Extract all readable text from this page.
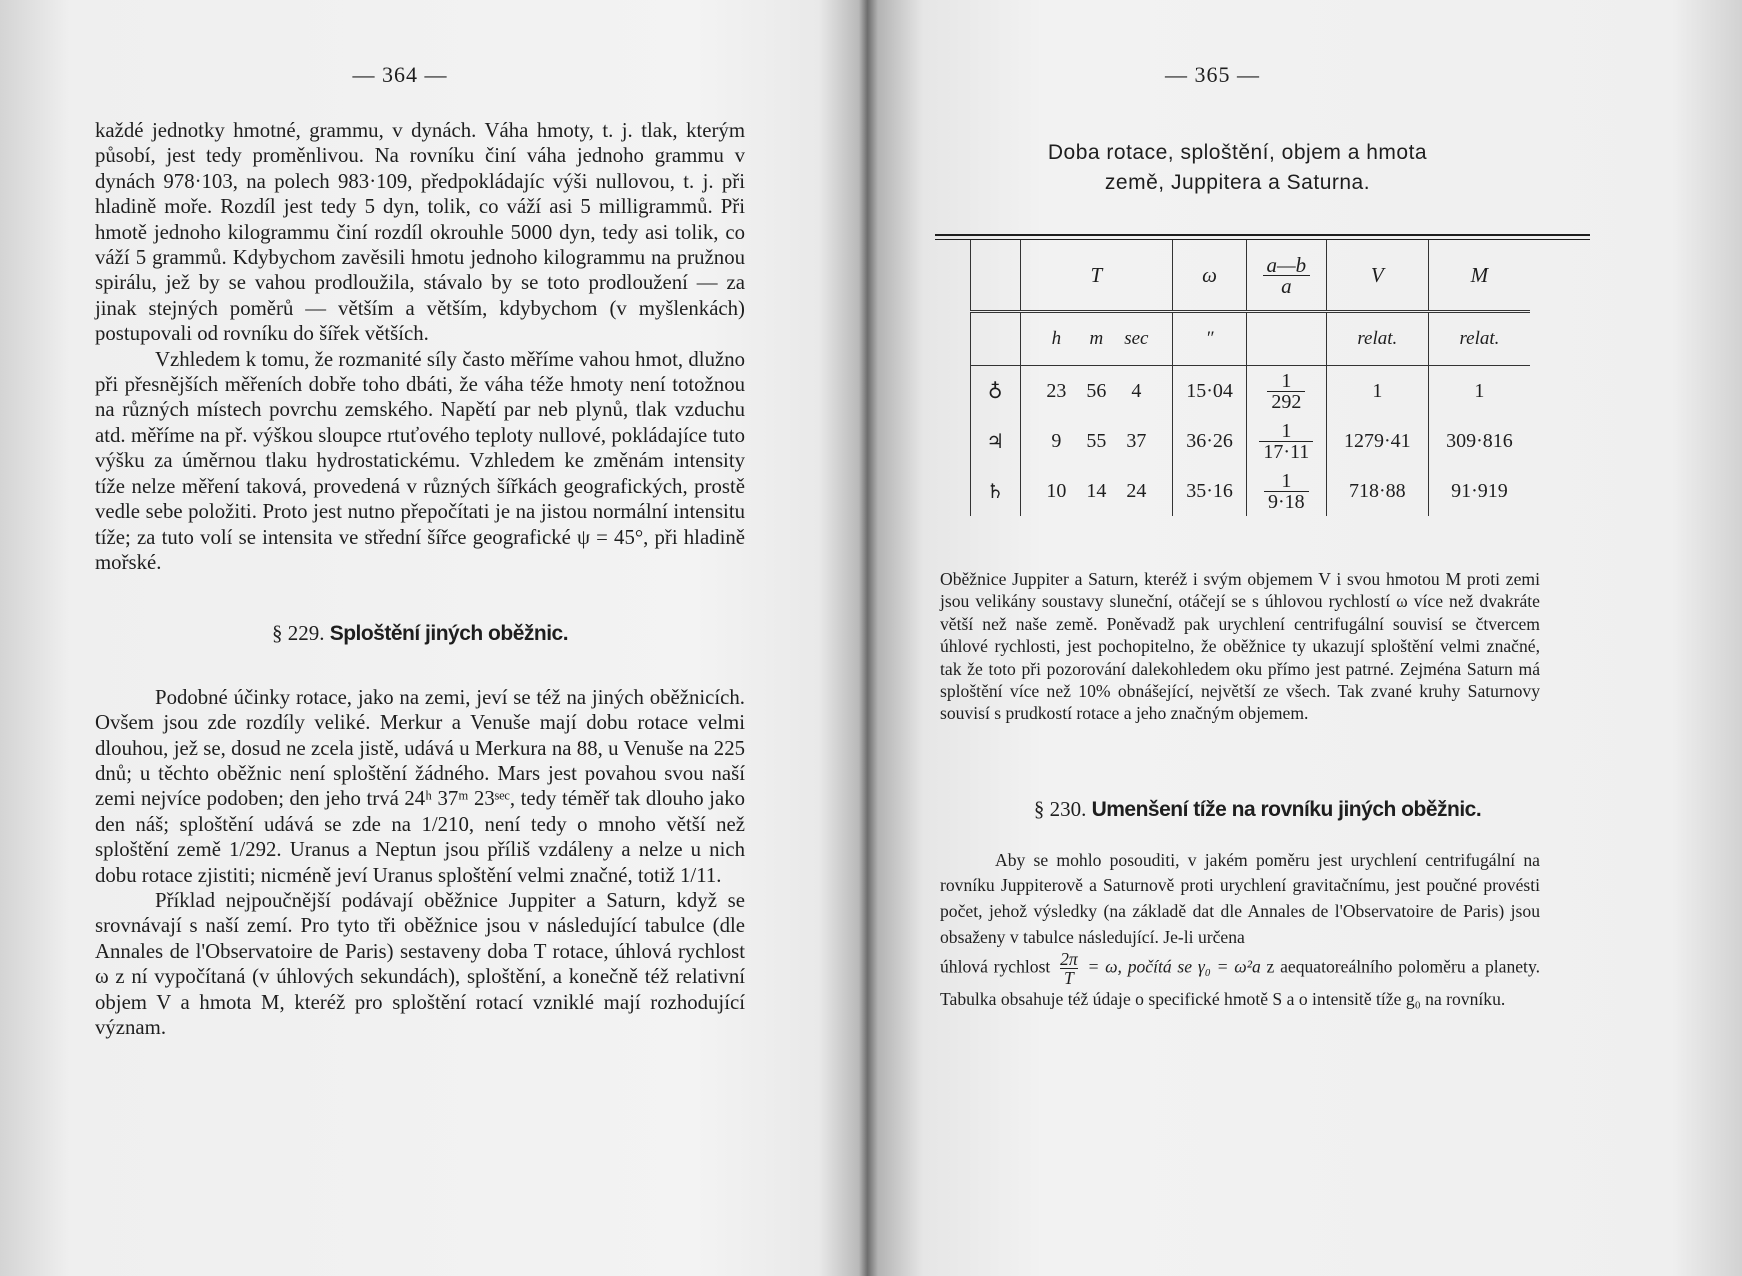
— 364 —

každé jednotky hmotné, grammu, v dynách. Váha hmoty, t. j. tlak, kterým působí, jest tedy proměnlivou. Na rovníku činí váha jednoho grammu v dynách 978·103, na polech 983·109, předpokládajíc výši nullovou, t. j. při hladině moře. Rozdíl jest tedy 5 dyn, tolik, co váží asi 5 milligrammů. Při hmotě jednoho kilogrammu činí rozdíl okrouhle 5000 dyn, tedy asi tolik, co váží 5 grammů. Kdybychom zavěsili hmotu jednoho kilogrammu na pružnou spirálu, jež by se vahou prodloužila, stávalo by se toto prodloužení — za jinak stejných poměrů — větším a větším, kdybychom (v myšlenkách) postupovali od rovníku do šířek větších.

Vzhledem k tomu, že rozmanité síly často měříme vahou hmot, dlužno při přesnějších měřeních dobře toho dbáti, že váha téže hmoty není totožnou na různých místech povrchu zemského. Napětí par neb plynů, tlak vzduchu atd. měříme na př. výškou sloupce rtuťového teploty nullové, pokládajíce tuto výšku za úměrnou tlaku hydrostatickému. Vzhledem ke změnám intensity tíže nelze měření taková, provedená v různých šířkách geografických, prostě vedle sebe položiti. Proto jest nutno přepočítati je na jistou normální intensitu tíže; za tuto volí se intensita ve střední šířce geografické ψ = 45°, při hladině mořské.

§ 229. Sploštění jiných oběžnic.

Podobné účinky rotace, jako na zemi, jeví se též na jiných oběžnicích. Ovšem jsou zde rozdíly veliké. Merkur a Venuše mají dobu rotace velmi dlouhou, jež se, dosud ne zcela jistě, udává u Merkura na 88, u Venuše na 225 dnů; u těchto oběžnic není sploštění žádného. Mars jest povahou svou naší zemi nejvíce podoben; den jeho trvá 24ʰ 37ᵐ 23ˢᵉᶜ, tedy téměř tak dlouho jako den náš; sploštění udává se zde na 1/210, není tedy o mnoho větší než sploštění země 1/292. Uranus a Neptun jsou příliš vzdáleny a nelze u nich dobu rotace zjistiti; nicméně jeví Uranus sploštění velmi značné, totiž 1/11.

Příklad nejpoučnější podávají oběžnice Juppiter a Saturn, když se srovnávají s naší zemí. Pro tyto tři oběžnice jsou v následující tabulce (dle Annales de l'Observatoire de Paris) sestaveny doba T rotace, úhlová rychlost ω z ní vypočítaná (v úhlových sekundách), sploštění, a konečně též relativní objem V a hmota M, kteréž pro sploštění rotací vzniklé mají rozhodující význam.

— 365 —
Doba rotace, sploštění, objem a hmota
země, Juppitera a Saturna.
	T	ω	$\frac{a—b}{a}$	V	M
	h m sec	″		relat.	relat.
♁	23 56 4	15·04	$\frac{1}{292}$	1	1
♃	9 55 37	36·26	$\frac{1}{17\cdot 11}$	1279·41	309·816
♄	10 14 24	35·16	$\frac{1}{9\cdot 18}$	718·88	91·919
Oběžnice Juppiter a Saturn, kteréž i svým objemem V i svou hmotou M proti zemi jsou velikány soustavy sluneční, otáčejí se s úhlovou rychlostí ω více než dvakráte větší než naše země. Poněvadž pak urychlení centrifugální souvisí se čtvercem úhlové rychlosti, jest pochopitelno, že oběžnice ty ukazují sploštění velmi značné, tak že toto při pozorování dalekohledem oku přímo jest patrné. Zejména Saturn má sploštění více než 10% obnášející, největší ze všech. Tak zvané kruhy Saturnovy souvisí s prudkostí rotace a jeho značným objemem.
§ 230. Umenšení tíže na rovníku jiných oběžnic.

Aby se mohlo posouditi, v jakém poměru jest urychlení centrifugální na rovníku Juppiterově a Saturnově proti urychlení gravitačnímu, jest poučné provésti počet, jehož výsledky (na základě dat dle Annales de l'Observatoire de Paris) jsou obsaženy v tabulce následující. Je-li určena

úhlová rychlost $\frac{2\pi}{T} = \omega$, počítá se γ₀ = ω²a z aequatoreálního poloměru a planety. Tabulka obsahuje též údaje o specifické hmotě S a o intensitě tíže g₀ na rovníku.
